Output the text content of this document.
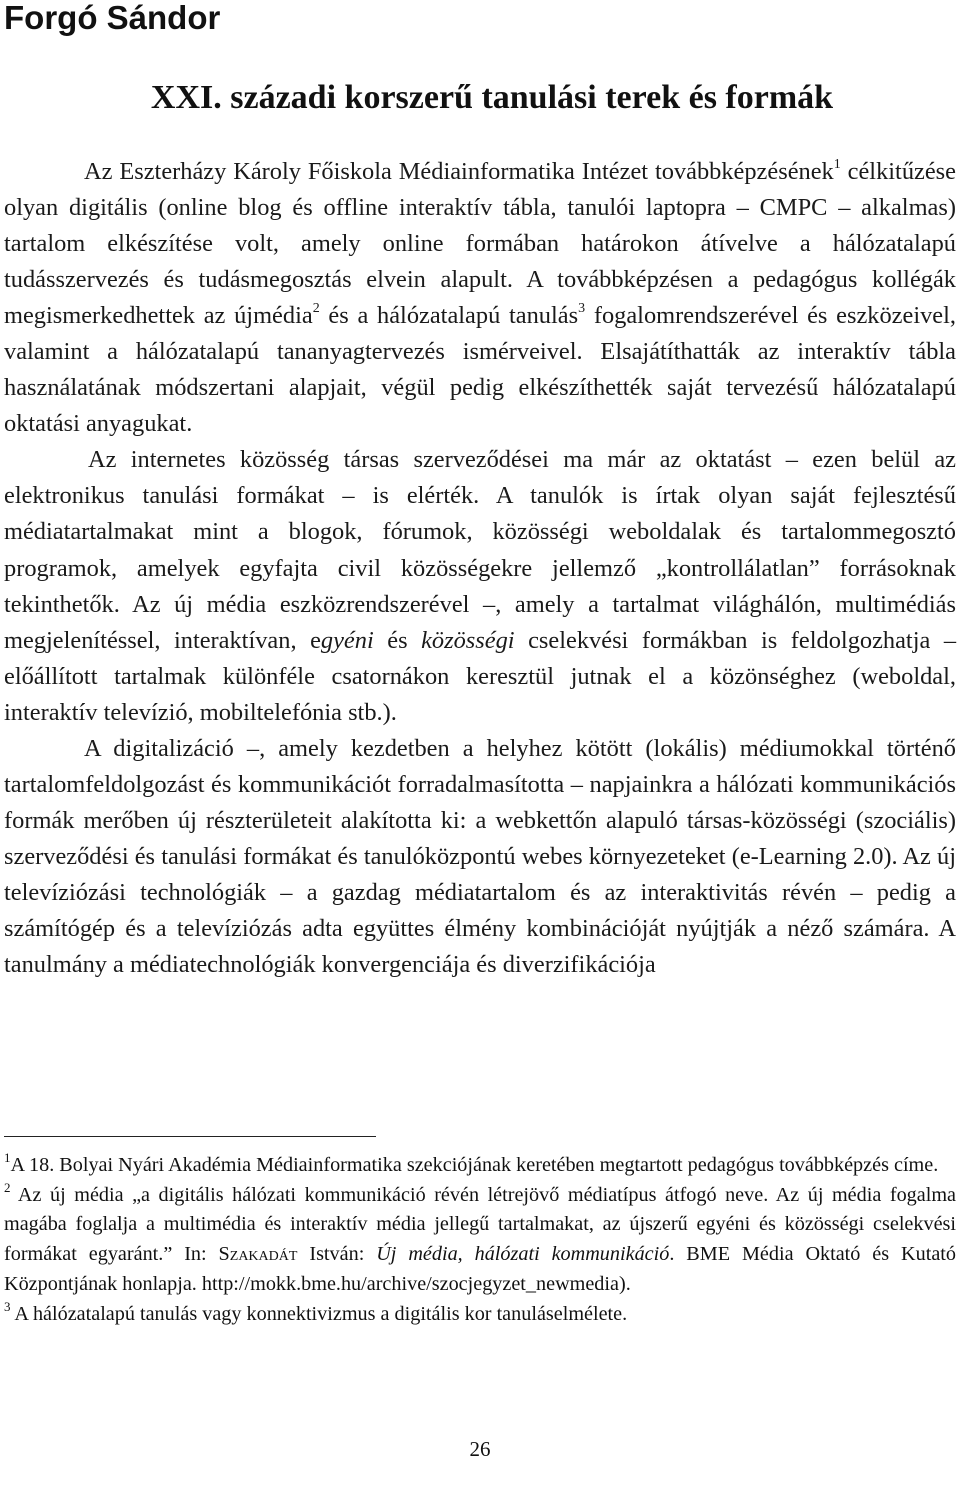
Forgó Sándor
XXI. századi korszerű tanulási terek és formák

Az Eszterházy Károly Főiskola Médiainformatika Intézet továbbképzésének$^1$ célkitűzése olyan digitális (online blog és offline interaktív tábla, tanulói laptopra – CMPC – alkalmas) tartalom elkészítése volt, amely online formában határokon átívelve a hálózatalapú tudásszervezés és tudásmegosztás elvein alapult. A továbbképzésen a pedagógus kollégák megismerkedhettek az újmédia$^2$ és a hálózatalapú tanulás$^3$ fogalomrendszerével és eszközeivel, valamint a hálózatalapú tananyagtervezés ismérveivel. Elsajátíthatták az interaktív tábla használatának módszertani alapjait, végül pedig elkészíthették saját tervezésű hálózatalapú oktatási anyagukat.

Az internetes közösség társas szerveződései ma már az oktatást – ezen belül az elektronikus tanulási formákat – is elérték. A tanulók is írtak olyan saját fejlesztésű médiatartalmakat mint a blogok, fórumok, közösségi weboldalak és tartalommegosztó programok, amelyek egyfajta civil közösségekre jellemző „kontrollálatlan” forrásoknak tekinthetők. Az új média eszközrendszerével –, amely a tartalmat világhálón, multimédiás megjelenítéssel, interaktívan, egyéni és közösségi cselekvési formákban is feldolgozhatja – előállított tartalmak különféle csatornákon keresztül jutnak el a közönséghez (weboldal, interaktív televízió, mobiltelefónia stb.).

A digitalizáció –, amely kezdetben a helyhez kötött (lokális) médiumokkal történő tartalomfeldolgozást és kommunikációt forradalmasította – napjainkra a hálózati kommunikációs formák merőben új részterületeit alakította ki: a webkettőn alapuló társas-közösségi (szociális) szerveződési és tanulási formákat és tanulóközpontú webes környezeteket (e-Learning 2.0). Az új televíziózási technológiák – a gazdag médiatartalom és az interaktivitás révén – pedig a számítógép és a televíziózás adta együttes élmény kombinációját nyújtják a néző számára. A tanulmány a médiatechnológiák konvergenciája és diverzifikációja

$^1$A 18. Bolyai Nyári Akadémia Médiainformatika szekciójának keretében megtartott pedagógus továbbképzés címe.

$^2$ Az új média „a digitális hálózati kommunikáció révén létrejövő médiatípus átfogó neve. Az új média fogalma magába foglalja a multimédia és interaktív média jellegű tartalmakat, az újszerű egyéni és közösségi cselekvési formákat egyaránt.” In: Szakadát István: Új média, hálózati kommunikáció. BME Média Oktató és Kutató Központjának honlapja. http://mokk.bme.hu/archive/szocjegyzet_newmedia).

$^3$ A hálózatalapú tanulás vagy konnektivizmus a digitális kor tanuláselmélete.

26
